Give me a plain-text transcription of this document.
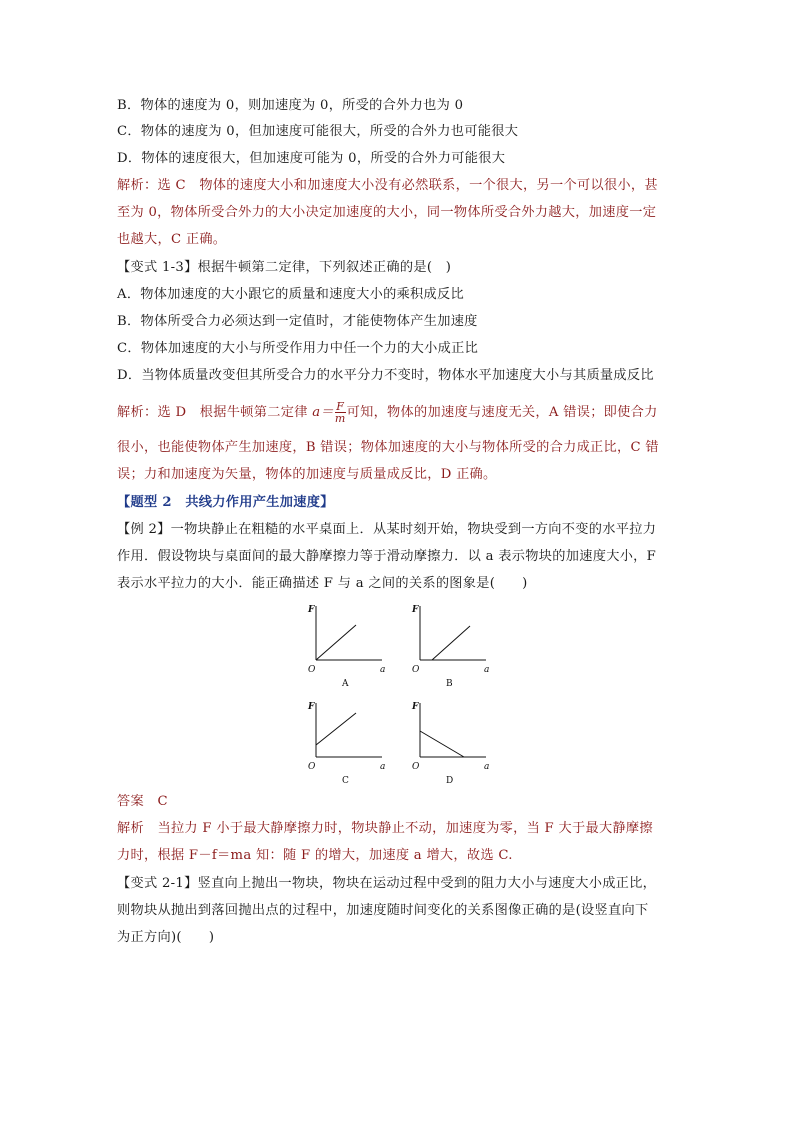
B．物体的速度为 0，则加速度为 0，所受的合外力也为 0
C．物体的速度为 0，但加速度可能很大，所受的合外力也可能很大
D．物体的速度很大，但加速度可能为 0，所受的合外力可能很大
解析：选 C　物体的速度大小和加速度大小没有必然联系，一个很大，另一个可以很小，甚
至为 0，物体所受合外力的大小决定加速度的大小，同一物体所受合外力越大，加速度一定
也越大，C 正确。
【变式 1-3】根据牛顿第二定律，下列叙述正确的是(　)
A．物体加速度的大小跟它的质量和速度大小的乘积成反比
B．物体所受合力必须达到一定值时，才能使物体产生加速度
C．物体加速度的大小与所受作用力中任一个力的大小成正比
D．当物体质量改变但其所受合力的水平分力不变时，物体水平加速度大小与其质量成反比
解析：选 D　根据牛顿第二定律 $a= \frac{F}{m}$ 可知，物体的加速度与速度无关，A 错误；即使合力
很小，也能使物体产生加速度，B 错误；物体加速度的大小与物体所受的合力成正比，C 错
误；力和加速度为矢量，物体的加速度与质量成反比，D 正确。
【题型 2　共线力作用产生加速度】
【例 2】一物块静止在粗糙的水平桌面上．从某时刻开始，物块受到一方向不变的水平拉力
作用．假设物块与桌面间的最大静摩擦力等于滑动摩擦力．以 a 表示物块的加速度大小，F
表示水平拉力的大小．能正确描述 F 与 a 之间的关系的图象是(　　)
F
a
O
A
F
a
O
B
F
a
O
C
F
a
O
D
答案　C
解析　当拉力 F 小于最大静摩擦力时，物块静止不动，加速度为零，当 F 大于最大静摩擦
力时，根据 F－f＝ma 知：随 F 的增大，加速度 a 增大，故选 C.
【变式 2-1】竖直向上抛出一物块，物块在运动过程中受到的阻力大小与速度大小成正比，
则物块从抛出到落回抛出点的过程中，加速度随时间变化的关系图像正确的是(设竖直向下
为正方向)(　　)
